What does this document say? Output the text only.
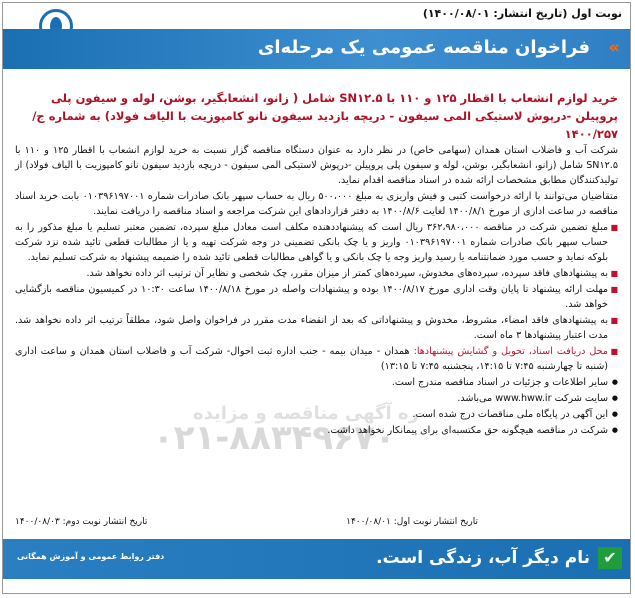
نوبت اول (تاریخ انتشار: ۱۴۰۰/۰۸/۰۱)
«
فراخوان مناقصه عمومی یک مرحله‌ای
خرید لوازم انشعاب با اقطار ۱۲۵ و ۱۱۰ با SN۱۲.۵ شامل ( زانو، انشعابگیر، بوشن، لوله و سیفون پلی پروپیلن -درپوش لاستیکی المی سیفون - دریچه بازدید سیفون نانو کامپوزیت با الیاف فولاد) به شماره ج/۱۴۰۰/۲۵۷
ره آگهی مناقصه و مزایده
۰۲۱-۸۸۳۴۹۶۷۰

شرکت آب و فاضلاب استان همدان (سهامی خاص) در نظر دارد به عنوان دستگاه مناقصه گزار نسبت به خرید لوازم انشعاب با اقطار ۱۲۵ و ۱۱۰ با SN۱۲.۵ شامل (زانو، انشعابگیر، بوشن، لوله و سیفون پلی پروپیلن -درپوش لاستیکی المی سیفون - دریچه بازدید سیفون نانو کامپوزیت با الیاف فولاد) از تولیدکنندگان مطابق مشخصات ارائه شده در اسناد مناقصه اقدام نماید.

متقاضیان می‌توانند با ارائه درخواست کتبی و فیش واریزی به مبلغ ۵۰۰،۰۰۰ ریال به حساب سپهر بانک صادرات شماره ۰۱۰۳۹۶۱۹۷۰۰۱ بابت خرید اسناد مناقصه در ساعت اداری از مورخ ۱۴۰۰/۸/۱ لغایت ۱۴۰۰/۸/۶ به دفتر قراردادهای این شرکت مراجعه و اسناد مناقصه را دریافت نمایند.

■ مبلغ تضمین شرکت در مناقصه ۳۶۲،۹۸۰،۰۰۰ ریال است که پیشنهاددهنده مکلف است معادل مبلغ سپرده، تضمین معتبر تسلیم یا مبلغ مذکور را به حساب سپهر بانک صادرات شماره ۰۱۰۳۹۶۱۹۷۰۰۱ واریز و یا چک بانکی تضمینی در وجه شرکت تهیه و یا از مطالبات قطعی تائید شده نزد شرکت بلوکه نماید و حسب مورد ضمانتنامه یا رسید واریز وجه یا چک بانکی و یا گواهی مطالبات قطعی تائید شده را ضمیمه پیشنهاد به شرکت تسلیم نماید.

■ به پیشنهادهای فاقد سپرده، سپرده‌های مخدوش، سپرده‌های کمتر از میزان مقرر، چک شخصی و نظایر آن ترتیب اثر داده نخواهد شد.

■ مهلت ارائه پیشنهاد تا پایان وقت اداری مورخ ۱۴۰۰/۸/۱۷ بوده و پیشنهادات واصله در مورخ ۱۴۰۰/۸/۱۸ ساعت ۱۰:۳۰ در کمیسیون مناقصه بازگشایی خواهد شد.

■ به پیشنهادهای فاقد امضاء، مشروط، مخدوش و پیشنهاداتی که بعد از انقضاء مدت مقرر در فراخوان واصل شود، مطلقاً ترتیب اثر داده نخواهد شد. مدت اعتبار پیشنهادها ۳ ماه است.

■ محل دریافت اسناد، تحویل و گشایش پیشنهادها: همدان - میدان بیمه - جنب اداره ثبت احوال- شرکت آب و فاضلاب استان همدان و ساعت اداری (شنبه تا چهارشنبه ۷:۴۵ تا ۱۴:۱۵، پنجشنبه ۷:۴۵ تا ۱۳:۱۵)

● سایر اطلاعات و جزئیات در اسناد مناقصه مندرج است.

● سایت شرکت www.hww.ir می‌باشد.

● این آگهی در پایگاه ملی مناقصات درج شده است.

● شرکت در مناقصه هیچگونه حق مکتسبه‌ای برای پیمانکار نخواهد داشت.

تاریخ انتشار نوبت اول: ۱۴۰۰/۰۸/۰۱
تاریخ انتشار نوبت دوم: ۱۴۰۰/۰۸/۰۳
✔
نام دیگر آب، زندگی است.
دفتر روابط عمومی و آموزش همگانی
